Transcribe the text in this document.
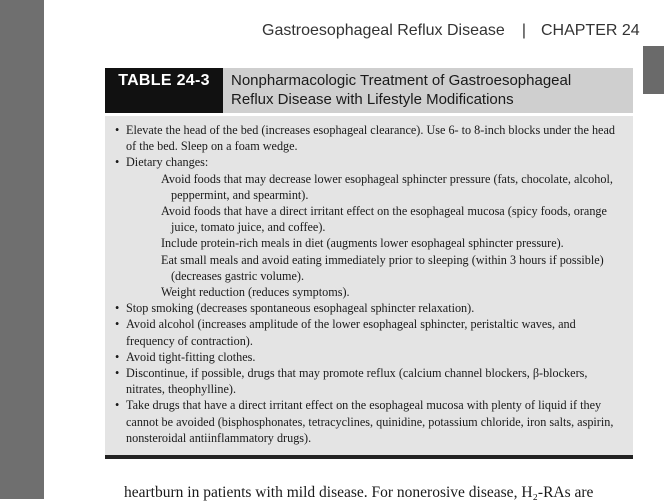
Gastroesophageal Reflux Disease | CHAPTER 24
TABLE 24-3	Nonpharmacologic Treatment of Gastroesophageal
Reflux Disease with Lifestyle Modifications
• Elevate the head of the bed (increases esophageal clearance). Use 6- to 8-inch blocks under the head of the bed. Sleep on a foam wedge.
• Dietary changes:
Avoid foods that may decrease lower esophageal sphincter pressure (fats, chocolate, alcohol, peppermint, and spearmint).
Avoid foods that have a direct irritant effect on the esophageal mucosa (spicy foods, orange juice, tomato juice, and coffee).
Include protein-rich meals in diet (augments lower esophageal sphincter pressure).
Eat small meals and avoid eating immediately prior to sleeping (within 3 hours if possible) (decreases gastric volume).
Weight reduction (reduces symptoms).
• Stop smoking (decreases spontaneous esophageal sphincter relaxation).
• Avoid alcohol (increases amplitude of the lower esophageal sphincter, peristaltic waves, and frequency of contraction).
• Avoid tight-fitting clothes.
• Discontinue, if possible, drugs that may promote reflux (calcium channel blockers, β-blockers, nitrates, theophylline).
• Take drugs that have a direct irritant effect on the esophageal mucosa with plenty of liquid if they cannot be avoided (bisphosphonates, tetracyclines, quinidine, potassium chloride, iron salts, aspirin, nonsteroidal antiinflammatory drugs).
heartburn in patients with mild disease. For nonerosive disease, H₂-RAs are
